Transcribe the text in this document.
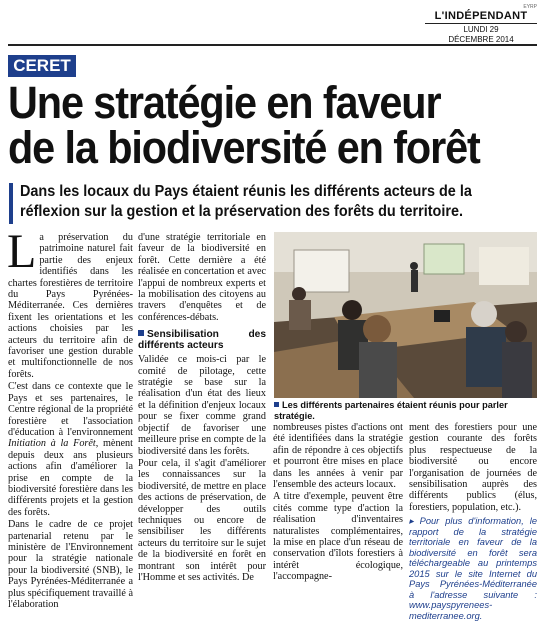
EYRP
L'INDÉPENDANT
LUNDI 29
DÉCEMBRE 2014
CERET
Une stratégie en faveur
de la biodiversité en forêt
Dans les locaux du Pays étaient réunis les différents acteurs de la réflexion sur la gestion et la préservation des forêts du territoire.

La préservation du patrimoine naturel fait partie des enjeux identifiés dans les chartes forestières de territoire du Pays Pyrénées-Méditerranée. Ces dernières fixent les orientations et les actions choisies par les acteurs du territoire afin de favoriser une gestion durable et multifonctionnelle de nos forêts.

C'est dans ce contexte que le Pays et ses partenaires, le Centre régional de la propriété forestière et l'association d'éducation à l'environnement Initiation à la Forêt, mènent depuis deux ans plusieurs actions afin d'améliorer la prise en compte de la biodiversité forestière dans les différents projets et la gestion des forêts.

Dans le cadre de ce projet partenarial retenu par le ministère de l'Environnement pour la stratégie nationale pour la biodiversité (SNB), le Pays Pyrénées-Méditerranée a plus spécifiquement travaillé à l'élaboration

d'une stratégie territoriale en faveur de la biodiversité en forêt. Cette dernière a été réalisée en concertation et avec l'appui de nombreux experts et la mobilisation des citoyens au travers d'enquêtes et de conférences-débats.

Sensibilisation des différents acteurs

Validée ce mois-ci par le comité de pilotage, cette stratégie se base sur la réalisation d'un état des lieux et la définition d'enjeux locaux pour se fixer comme grand objectif de favoriser une meilleure prise en compte de la biodiversité dans les forêts.

Pour cela, il s'agit d'améliorer les connaissances sur la biodiversité, de mettre en place des actions de préservation, de développer des outils techniques ou encore de sensibiliser les différents acteurs du territoire sur le sujet de la biodiversité en forêt en montrant son intérêt pour l'Homme et ses activités. De

Les différents partenaires étaient réunis pour parler stratégie.

nombreuses pistes d'actions ont été identifiées dans la stratégie afin de répondre à ces objectifs et pourront être mises en place dans les années à venir par l'ensemble des acteurs locaux.

A titre d'exemple, peuvent être cités comme type d'action la réalisation d'inventaires naturalistes complémentaires, la mise en place d'un réseau de conservation d'îlots forestiers à intérêt écologique, l'accompagne-

ment des forestiers pour une gestion courante des forêts plus respectueuse de la biodiversité ou encore l'organisation de journées de sensibilisation auprès des différents publics (élus, forestiers, population, etc.).

▸ Pour plus d'information, le rapport de la stratégie territoriale en faveur de la biodiversité en forêt sera téléchargeable au printemps 2015 sur le site Internet du Pays Pyrénées-Méditerranée à l'adresse suivante : www.payspyrenees-mediterranee.org.
